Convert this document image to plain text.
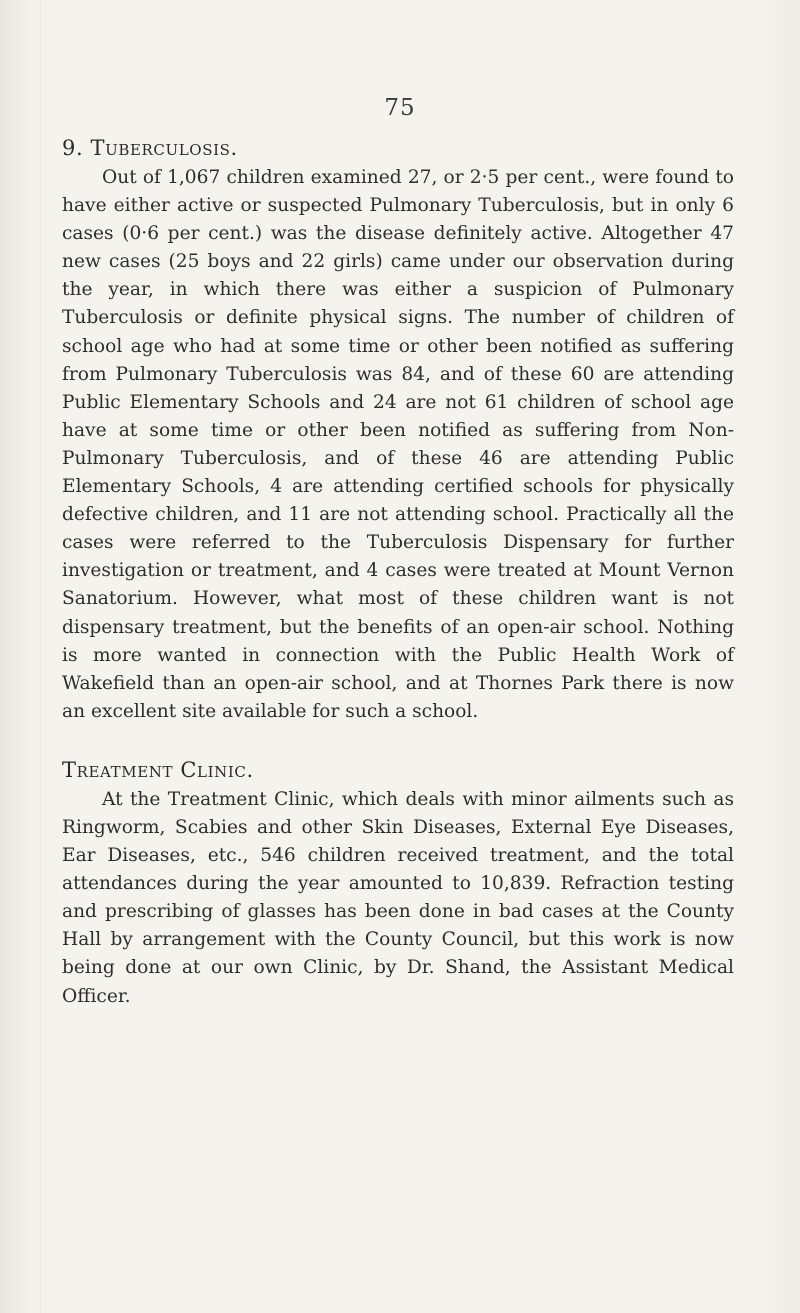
75
9. Tuberculosis.

Out of 1,067 children examined 27, or 2·5 per cent., were found to have either active or suspected Pulmonary Tuberculosis, but in only 6 cases (0·6 per cent.) was the disease definitely active. Altogether 47 new cases (25 boys and 22 girls) came under our observation during the year, in which there was either a suspicion of Pulmonary Tuberculosis or definite physical signs. The number of children of school age who had at some time or other been notified as suffering from Pulmonary Tuberculosis was 84, and of these 60 are attending Public Elementary Schools and 24 are not 61 children of school age have at some time or other been notified as suffering from Non-Pulmonary Tuberculosis, and of these 46 are attending Public Elementary Schools, 4 are attending certified schools for physically defective children, and 11 are not attending school. Practically all the cases were referred to the Tuberculosis Dispensary for further investigation or treatment, and 4 cases were treated at Mount Vernon Sanatorium. However, what most of these children want is not dispensary treatment, but the benefits of an open-air school. Nothing is more wanted in connection with the Public Health Work of Wakefield than an open-air school, and at Thornes Park there is now an excellent site available for such a school.

Treatment Clinic.

At the Treatment Clinic, which deals with minor ailments such as Ringworm, Scabies and other Skin Diseases, External Eye Diseases, Ear Diseases, etc., 546 children received treatment, and the total attendances during the year amounted to 10,839. Refraction testing and prescribing of glasses has been done in bad cases at the County Hall by arrangement with the County Council, but this work is now being done at our own Clinic, by Dr. Shand, the Assistant Medical Officer.
